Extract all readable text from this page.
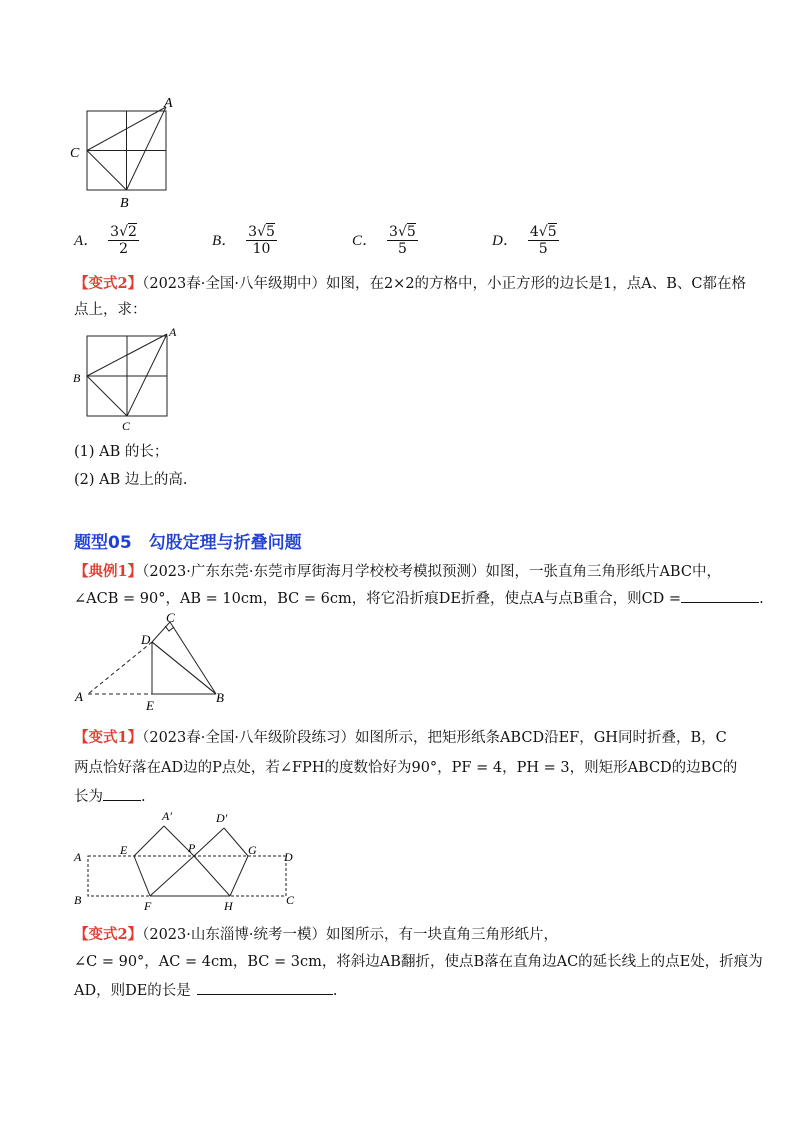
A
C
B
A． $\frac{3√2}{2}$	B． $\frac{3√5}{10}$	C． $\frac{3√5}{5}$	D． $\frac{4√5}{5}$
【变式2】（2023春·全国·八年级期中）如图，在2×2的方格中，小正方形的边长是1，点A、B、C都在格
点上，求：
A
B
C
(1) AB 的长；
(2) AB 边上的高.
题型05　勾股定理与折叠问题
【典例1】（2023·广东东莞·东莞市厚街海月学校校考模拟预测）如图，一张直角三角形纸片ABC中，
∠ACB = 90°，AB = 10cm，BC = 6cm，将它沿折痕DE折叠，使点A与点B重合，则CD =	.
C
D
A	B
E
【变式1】（2023春·全国·八年级阶段练习）如图所示，把矩形纸条ABCD沿EF，GH同时折叠，B，C
两点恰好落在AD边的P点处，若∠FPH的度数恰好为90°，PF = 4，PH = 3，则矩形ABCD的边BC的
长为	.
A
B
D
C
E
A′
P
D′
G
F	H
【变式2】（2023·山东淄博·统考一模）如图所示，有一块直角三角形纸片，
∠C = 90°，AC = 4cm，BC = 3cm，将斜边AB翻折，使点B落在直角边AC的延长线上的点E处，折痕为
AD，则DE的长是	.
